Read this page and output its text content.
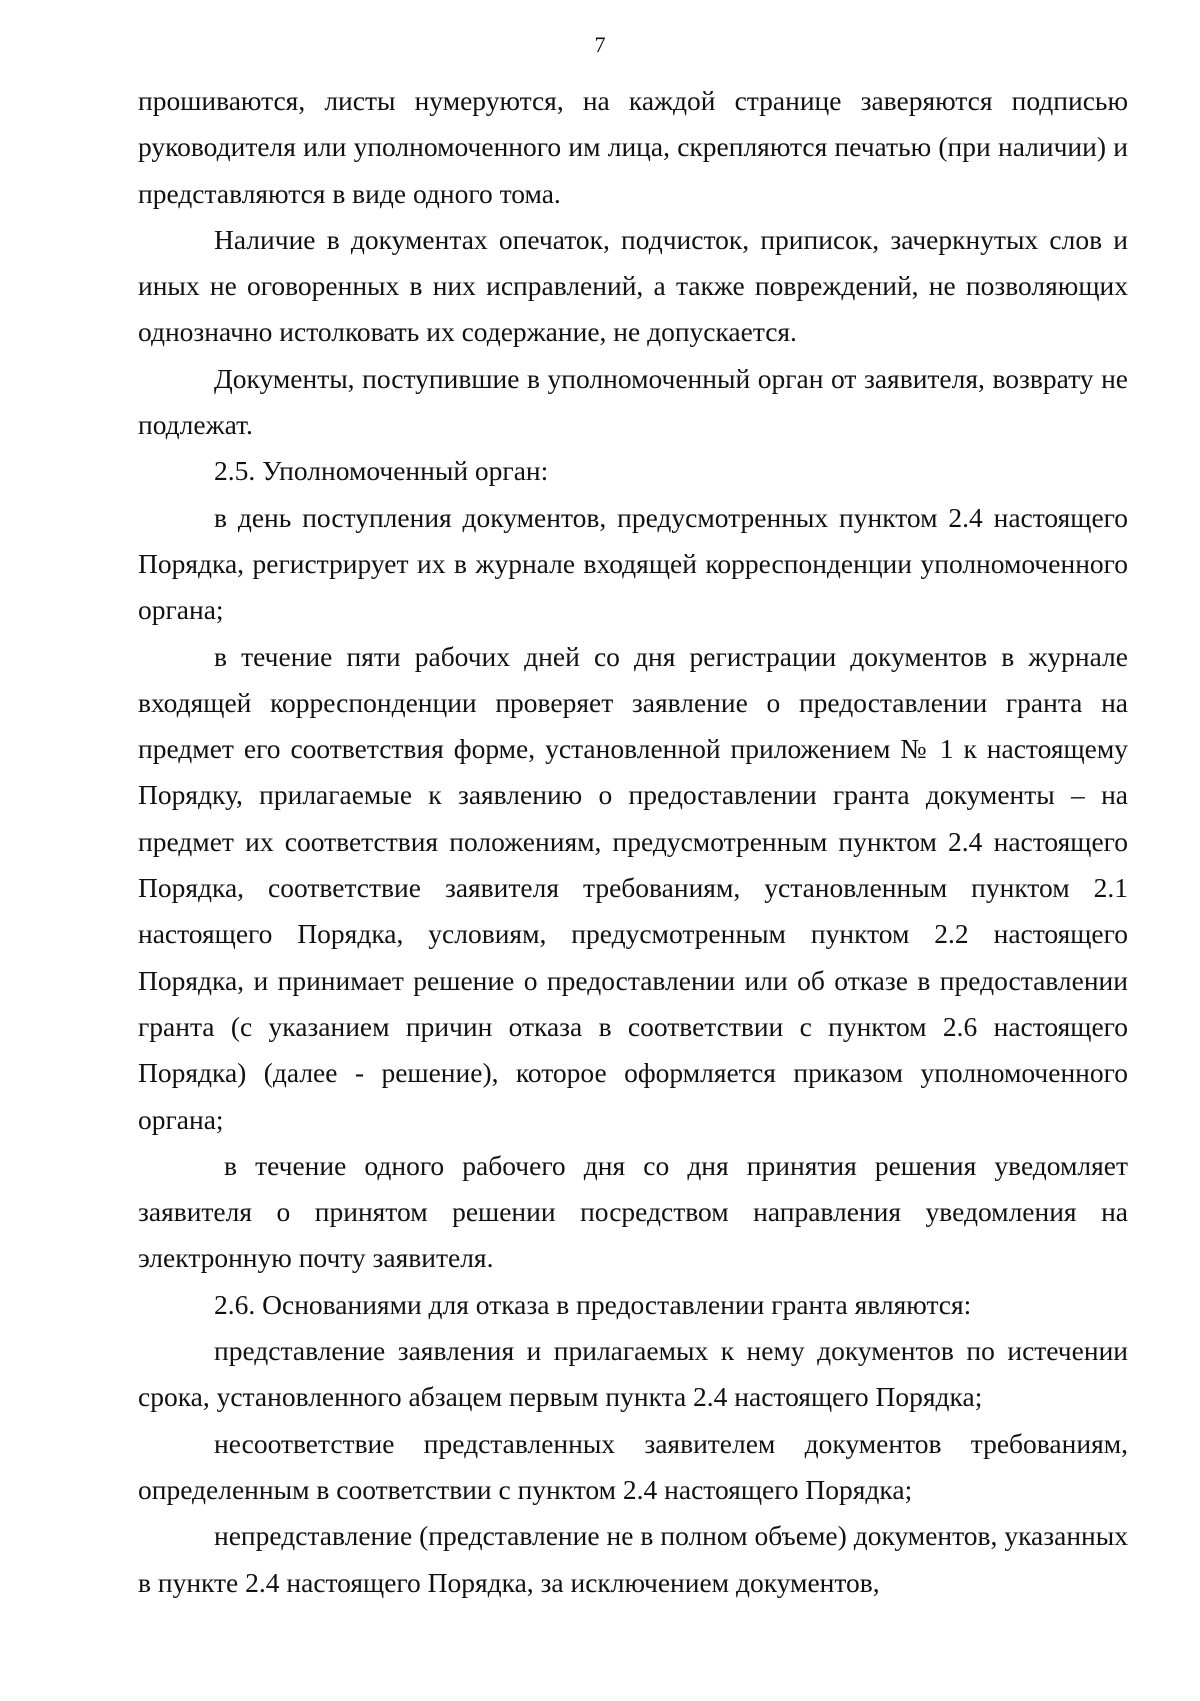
7

прошиваются, листы нумеруются, на каждой странице заверяются подписью руководителя или уполномоченного им лица, скрепляются печатью (при наличии) и представляются в виде одного тома.

Наличие в документах опечаток, подчисток, приписок, зачеркнутых слов и иных не оговоренных в них исправлений, а также повреждений, не позволяющих однозначно истолковать их содержание, не допускается.

Документы, поступившие в уполномоченный орган от заявителя, возврату не подлежат.

2.5. Уполномоченный орган:

в день поступления документов, предусмотренных пунктом 2.4 настоящего Порядка, регистрирует их в журнале входящей корреспонденции уполномоченного органа;

в течение пяти рабочих дней со дня регистрации документов в журнале входящей корреспонденции проверяет заявление о предоставлении гранта на предмет его соответствия форме, установленной приложением № 1 к настоящему Порядку, прилагаемые к заявлению о предоставлении гранта документы – на предмет их соответствия положениям, предусмотренным пунктом 2.4 настоящего Порядка, соответствие заявителя требованиям, установленным пунктом 2.1 настоящего Порядка, условиям, предусмотренным пунктом 2.2 настоящего Порядка, и принимает решение о предоставлении или об отказе в предоставлении гранта (с указанием причин отказа в соответствии с пунктом 2.6 настоящего Порядка) (далее - решение), которое оформляется приказом уполномоченного органа;

в течение одного рабочего дня со дня принятия решения уведомляет заявителя о принятом решении посредством направления уведомления на электронную почту заявителя.

2.6. Основаниями для отказа в предоставлении гранта являются:

представление заявления и прилагаемых к нему документов по истечении срока, установленного абзацем первым пункта 2.4 настоящего Порядка;

несоответствие представленных заявителем документов требованиям, определенным в соответствии с пунктом 2.4 настоящего Порядка;

непредставление (представление не в полном объеме) документов, указанных в пункте 2.4 настоящего Порядка, за исключением документов,
